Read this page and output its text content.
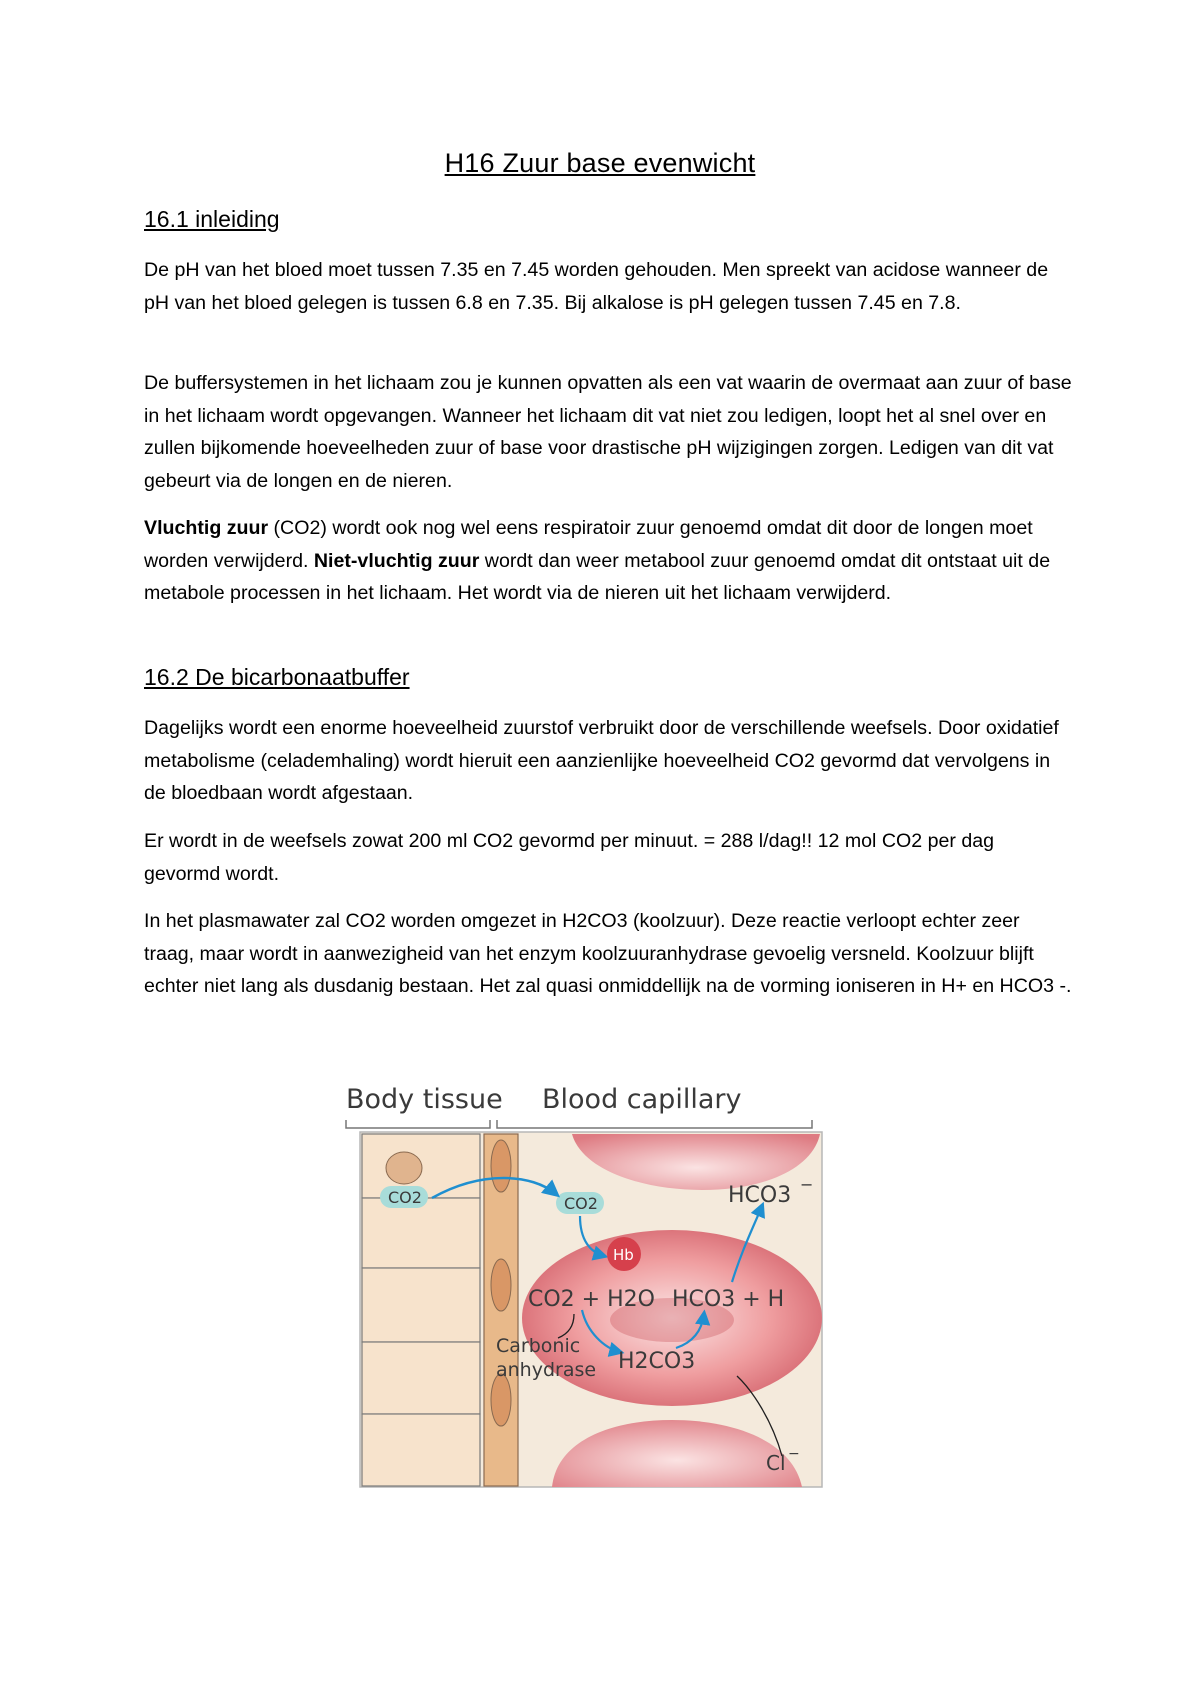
H16 Zuur base evenwicht
16.1 inleiding

De pH van het bloed moet tussen 7.35 en 7.45 worden gehouden. Men spreekt van acidose wanneer de pH van het bloed gelegen is tussen 6.8 en 7.35. Bij alkalose is pH gelegen tussen 7.45 en 7.8.

De buffersystemen in het lichaam zou je kunnen opvatten als een vat waarin de overmaat aan zuur of base in het lichaam wordt opgevangen. Wanneer het lichaam dit vat niet zou ledigen, loopt het al snel over en zullen bijkomende hoeveelheden zuur of base voor drastische pH wijzigingen zorgen. Ledigen van dit vat gebeurt via de longen en de nieren.

Vluchtig zuur (CO2) wordt ook nog wel eens respiratoir zuur genoemd omdat dit door de longen moet worden verwijderd. Niet-vluchtig zuur wordt dan weer metabool zuur genoemd omdat dit ontstaat uit de metabole processen in het lichaam. Het wordt via de nieren uit het lichaam verwijderd.

16.2 De bicarbonaatbuffer

Dagelijks wordt een enorme hoeveelheid zuurstof verbruikt door de verschillende weefsels. Door oxidatief metabolisme (celademhaling) wordt hieruit een aanzienlijke hoeveelheid CO2 gevormd dat vervolgens in de bloedbaan wordt afgestaan.

Er wordt in de weefsels zowat 200 ml CO2 gevormd per minuut. = 288 l/dag!! 12 mol CO2 per dag gevormd wordt.

In het plasmawater zal CO2 worden omgezet in H2CO3 (koolzuur). Deze reactie verloopt echter zeer traag, maar wordt in aanwezigheid van het enzym koolzuuranhydrase gevoelig versneld. Koolzuur blijft echter niet lang als dusdanig bestaan. Het zal quasi onmiddellijk na de vorming ioniseren in H+ en HCO3 -.

Body tissue Blood capillary
CO2	CO2
Hb
HCO3 −
CO2 + H2O HCO3 + H
H2CO3
Carbonic
anhydrase
Cl −
